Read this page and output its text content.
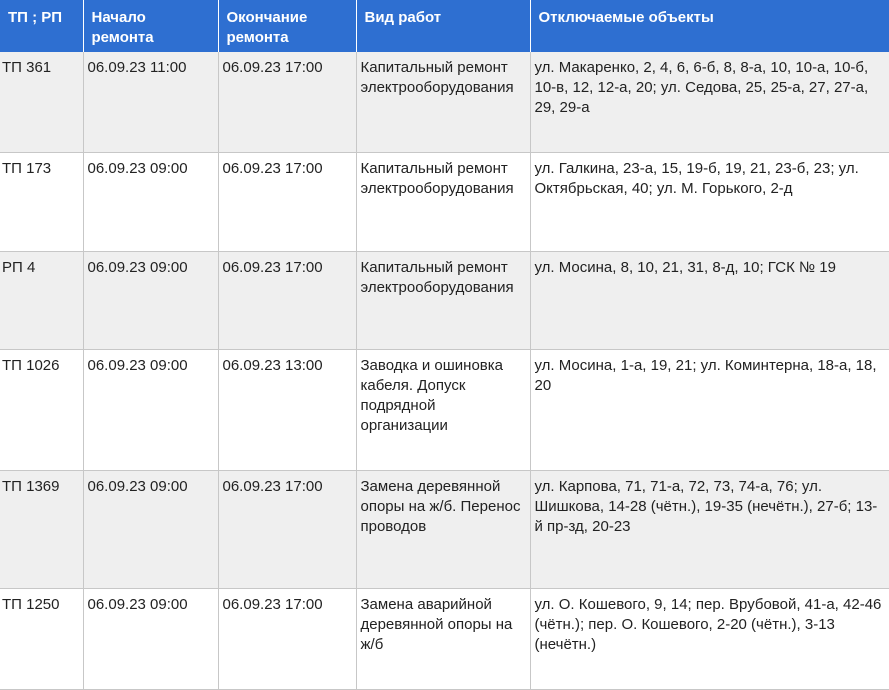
ТП ; РП	Начало ремонта	Окончание ремонта	Вид работ	Отключаемые объекты
ТП 361	06.09.23 11:00	06.09.23 17:00	Капитальный ремонт электрооборудования	ул. Макаренко, 2, 4, 6, 6-б, 8, 8-а, 10, 10-а, 10-б, 10-в, 12, 12-а, 20; ул. Седова, 25, 25-а, 27, 27-а, 29, 29-а
ТП 173	06.09.23 09:00	06.09.23 17:00	Капитальный ремонт электрооборудования	ул. Галкина, 23-а, 15, 19-б, 19, 21, 23-б, 23; ул. Октябрьская, 40; ул. М. Горького, 2-д
РП 4	06.09.23 09:00	06.09.23 17:00	Капитальный ремонт электрооборудования	ул. Мосина, 8, 10, 21, 31, 8-д, 10; ГСК № 19
ТП 1026	06.09.23 09:00	06.09.23 13:00	Заводка и ошиновка кабеля. Допуск подрядной организации	ул. Мосина, 1-а, 19, 21; ул. Коминтерна, 18-а, 18, 20
ТП 1369	06.09.23 09:00	06.09.23 17:00	Замена деревянной опоры на ж/б. Перенос проводов	ул. Карпова, 71, 71-а, 72, 73, 74-а, 76; ул. Шишкова, 14-28 (чётн.), 19-35 (нечётн.), 27-б; 13-й пр-зд, 20-23
ТП 1250	06.09.23 09:00	06.09.23 17:00	Замена аварийной деревянной опоры на ж/б	ул. О. Кошевого, 9, 14; пер. Врубовой, 41-а, 42-46 (чётн.); пер. О. Кошевого, 2-20 (чётн.), 3-13 (нечётн.)
